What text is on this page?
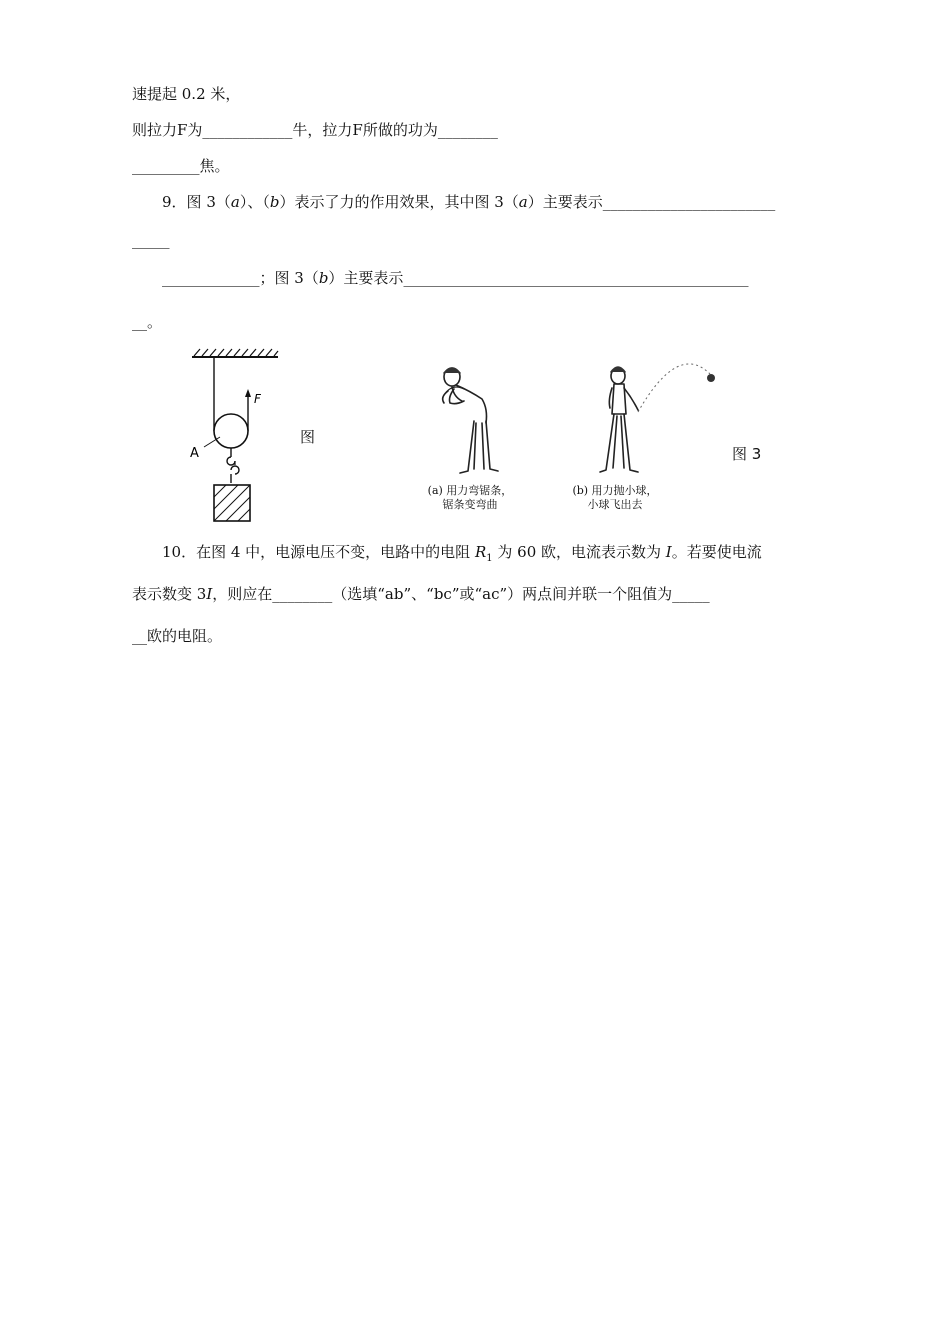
速提起 0.2 米，
则拉力F为____________牛，拉力F所做的功为________
_________焦。
9．图 3（a）、（b）表示了力的作用效果，其中图 3（a）主要表示_______________________
_____
_____________；图 3（b）主要表示______________________________________________
__。
F
A
图
(a) 用力弯锯条，
锯条变弯曲
(b) 用力抛小球，
小球飞出去
图 3
10．在图 4 中，电源电压不变，电路中的电阻 $R_1$ 为 60 欧，电流表示数为 I。若要使电流
表示数变 3I，则应在________（选填“ab”、“bc”或“ac”）两点间并联一个阻值为_____
__欧的电阻。
